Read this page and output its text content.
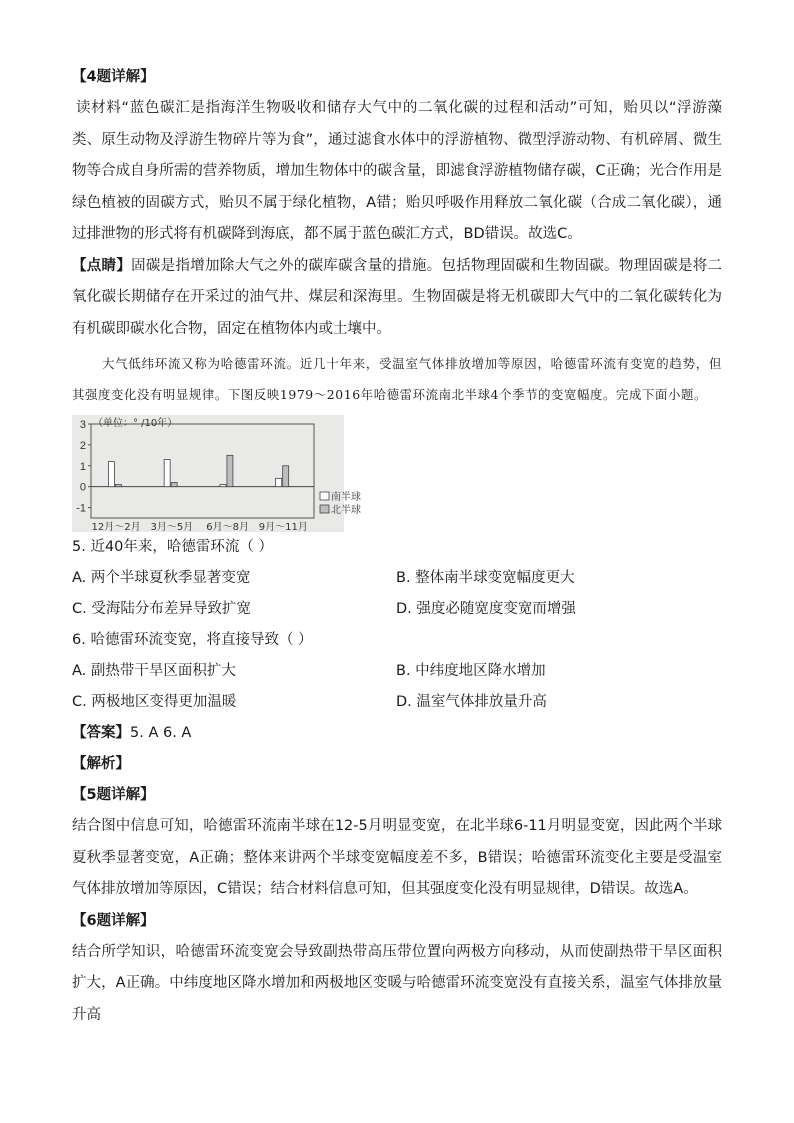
【4题详解】
读材料“蓝色碳汇是指海洋生物吸收和储存大气中的二氧化碳的过程和活动”可知，贻贝以“浮游藻类、原生动物及浮游生物碎片等为食”，通过滤食水体中的浮游植物、微型浮游动物、有机碎屑、微生物等合成自身所需的营养物质，增加生物体中的碳含量，即滤食浮游植物储存碳，C正确；光合作用是绿色植被的固碳方式，贻贝不属于绿化植物，A错；贻贝呼吸作用释放二氧化碳（合成二氧化碳），通过排泄物的形式将有机碳降到海底，都不属于蓝色碳汇方式，BD错误。故选C。
【点睛】固碳是指增加除大气之外的碳库碳含量的措施。包括物理固碳和生物固碳。物理固碳是将二氧化碳长期储存在开采过的油气井、煤层和深海里。生物固碳是将无机碳即大气中的二氧化碳转化为有机碳即碳水化合物，固定在植物体内或土壤中。
大气低纬环流又称为哈德雷环流。近几十年来，受温室气体排放增加等原因，哈德雷环流有变宽的趋势，但其强度变化没有明显规律。下图反映1979～2016年哈德雷环流南北半球4个季节的变宽幅度。完成下面小题。
3
2
1
0
-1
（单位：° /10年）
12月～2月 3月～5月 6月～8月 9月～11月
南半球
北半球
5. 近40年来，哈德雷环流（ ）
A. 两个半球夏秋季显著变宽	B. 整体南半球变宽幅度更大
C. 受海陆分布差异导致扩宽	D. 强度必随宽度变宽而增强
6. 哈德雷环流变宽，将直接导致（ ）
A. 副热带干旱区面积扩大	B. 中纬度地区降水增加
C. 两极地区变得更加温暖	D. 温室气体排放量升高
【答案】5. A 6. A
【解析】
【5题详解】
结合图中信息可知，哈德雷环流南半球在12-5月明显变宽，在北半球6-11月明显变宽，因此两个半球夏秋季显著变宽，A正确；整体来讲两个半球变宽幅度差不多，B错误；哈德雷环流变化主要是受温室气体排放增加等原因，C错误；结合材料信息可知，但其强度变化没有明显规律，D错误。故选A。
【6题详解】
结合所学知识，哈德雷环流变宽会导致副热带高压带位置向两极方向移动，从而使副热带干旱区面积扩大，A正确。中纬度地区降水增加和两极地区变暖与哈德雷环流变宽没有直接关系，温室气体排放量升高
